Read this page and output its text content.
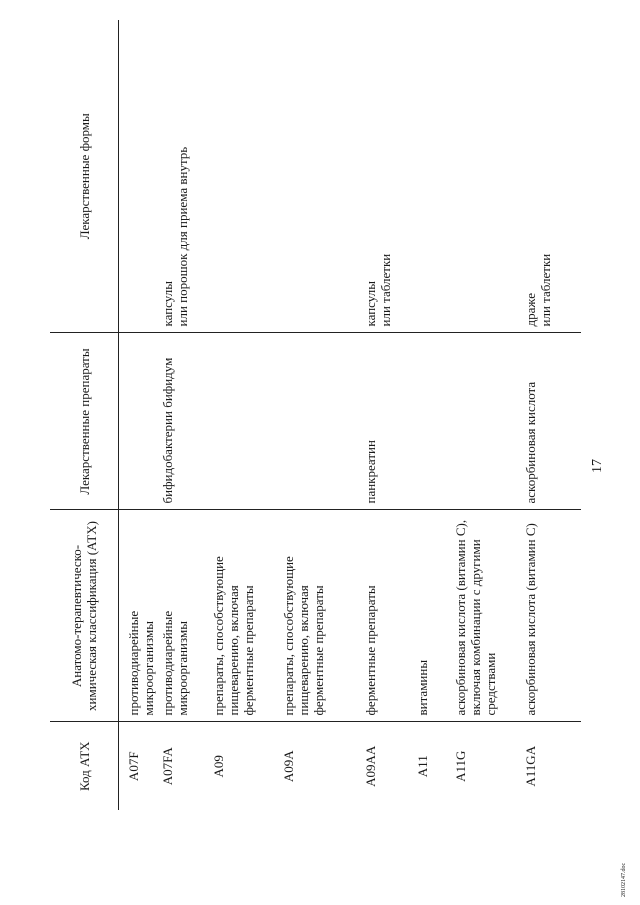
17
Код АТХ	Анатомо-терапевтическо-химическая классификация (АТХ)	Лекарственные препараты	Лекарственные формы
A07F	противодиарейные микроорганизмы		

A07FA	противодиарейные микроорганизмы	бифидобактерии бифидум	капсулы или порошок для приема внутрь

A09	препараты, способствующие пищеварению, включая ферментные препараты		

A09A	препараты, способствующие пищеварению, включая ферментные препараты		

A09AA	ферментные препараты	панкреатин	капсулы или таблетки

A11	витамины		

A11G	аскорбиновая кислота (витамин С), включая комбинации с другими средствами		

A11GA	аскорбиновая кислота (витамин С)	аскорбиновая кислота	драже или таблетки
28102147.doc
